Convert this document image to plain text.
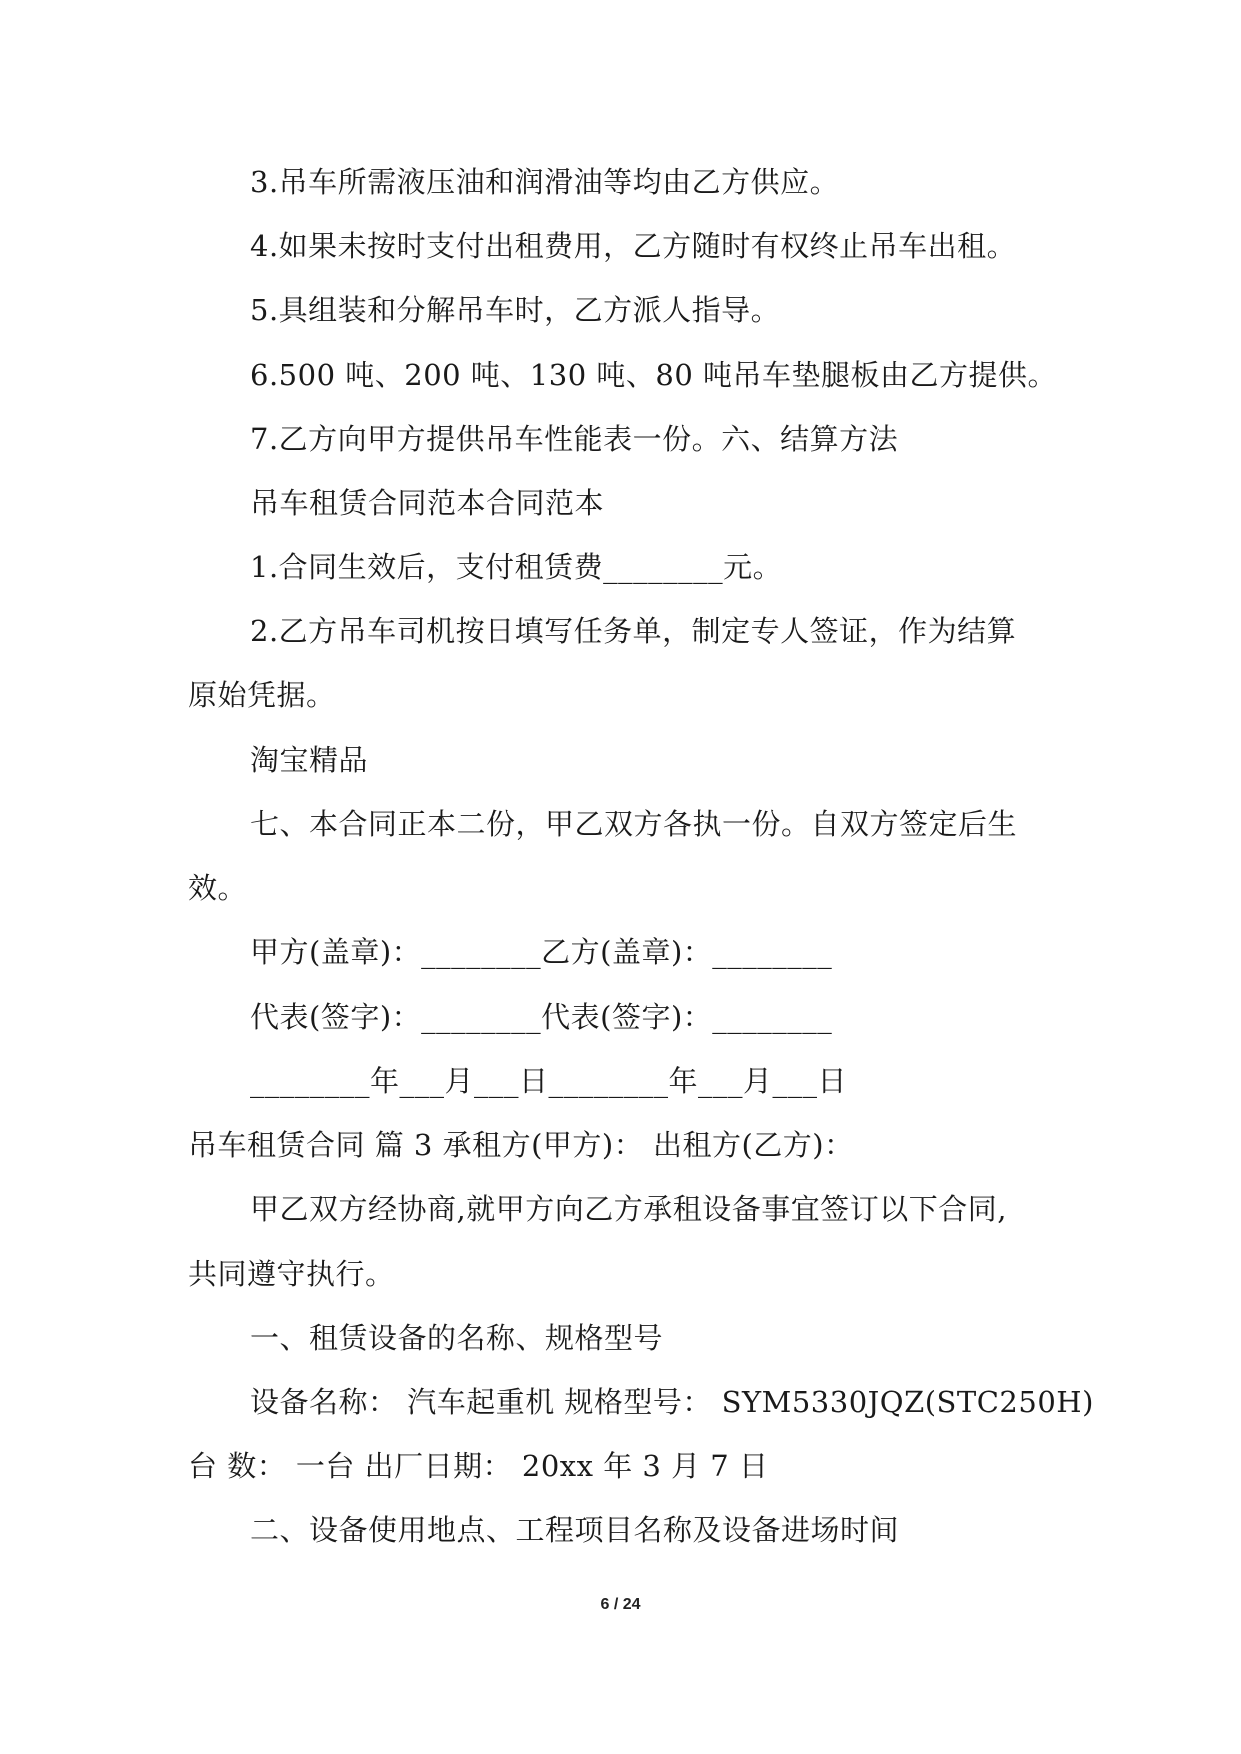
3.吊车所需液压油和润滑油等均由乙方供应。
4.如果未按时支付出租费用，乙方随时有权终止吊车出租。
5.具组装和分解吊车时，乙方派人指导。
6.500 吨、200 吨、130 吨、80 吨吊车垫腿板由乙方提供。
7.乙方向甲方提供吊车性能表一份。六、结算方法
吊车租赁合同范本合同范本
1.合同生效后，支付租赁费________元。
2.乙方吊车司机按日填写任务单，制定专人签证，作为结算
原始凭据。
淘宝精品
七、本合同正本二份，甲乙双方各执一份。自双方签定后生
效。
甲方(盖章)：________乙方(盖章)：________
代表(签字)：________代表(签字)：________
________年___月___日________年___月___日
吊车租赁合同 篇 3 承租方(甲方)： 出租方(乙方)：
甲乙双方经协商,就甲方向乙方承租设备事宜签订以下合同,
共同遵守执行。
一、租赁设备的名称、规格型号
设备名称： 汽车起重机 规格型号： SYM5330JQZ(STC250H)
台 数： 一台 出厂日期： 20xx 年 3 月 7 日
二、设备使用地点、工程项目名称及设备进场时间
6 / 24
